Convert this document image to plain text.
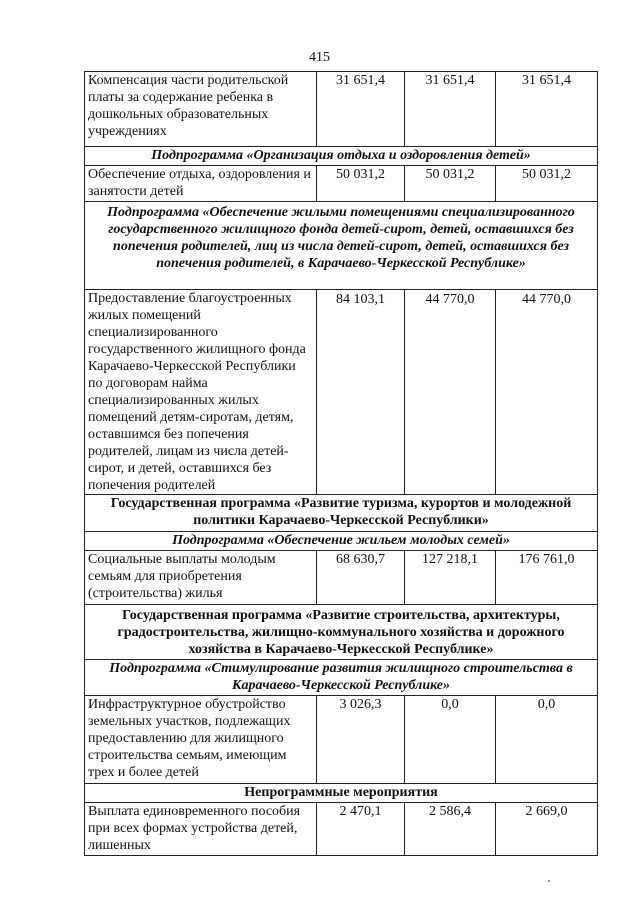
415
Компенсация части родительской платы за содержание ребенка в дошкольных образовательных учреждениях	31 651,4	31 651,4	31 651,4
Подпрограмма «Организация отдыха и оздоровления детей»			
Обеспечение отдыха, оздоровления и занятости детей	50 031,2	50 031,2	50 031,2
Подпрограмма «Обеспечение жилыми помещениями специализированного государственного жилищного фонда детей-сирот, детей, оставшихся без попечения родителей, лиц из числа детей-сирот, детей, оставшихся без попечения родителей, в Карачаево-Черкесской Республике»			
Предоставление благоустроенных жилых помещений специализированного государственного жилищного фонда Карачаево-Черкесской Республики по договорам найма специализированных жилых помещений детям-сиротам, детям, оставшимся без попечения родителей, лицам из числа детей-сирот, и детей, оставшихся без попечения родителей	84 103,1	44 770,0	44 770,0
Государственная программа «Развитие туризма, курортов и молодежной политики Карачаево-Черкесской Республики»			
Подпрограмма «Обеспечение жильем молодых семей»			
Социальные выплаты молодым семьям для приобретения (строительства) жилья	68 630,7	127 218,1	176 761,0
Государственная программа «Развитие строительства, архитектуры, градостроительства, жилищно-коммунального хозяйства и дорожного хозяйства в Карачаево-Черкесской Республике»			
Подпрограмма «Стимулирование развития жилищного строительства в Карачаево-Черкесской Республике»			
Инфраструктурное обустройство земельных участков, подлежащих предоставлению для жилищного строительства семьям, имеющим трех и более детей	3 026,3	0,0	0,0
Непрограммные мероприятия			
Выплата единовременного пособия при всех формах устройства детей, лишенных	2 470,1	2 586,4	2 669,0
